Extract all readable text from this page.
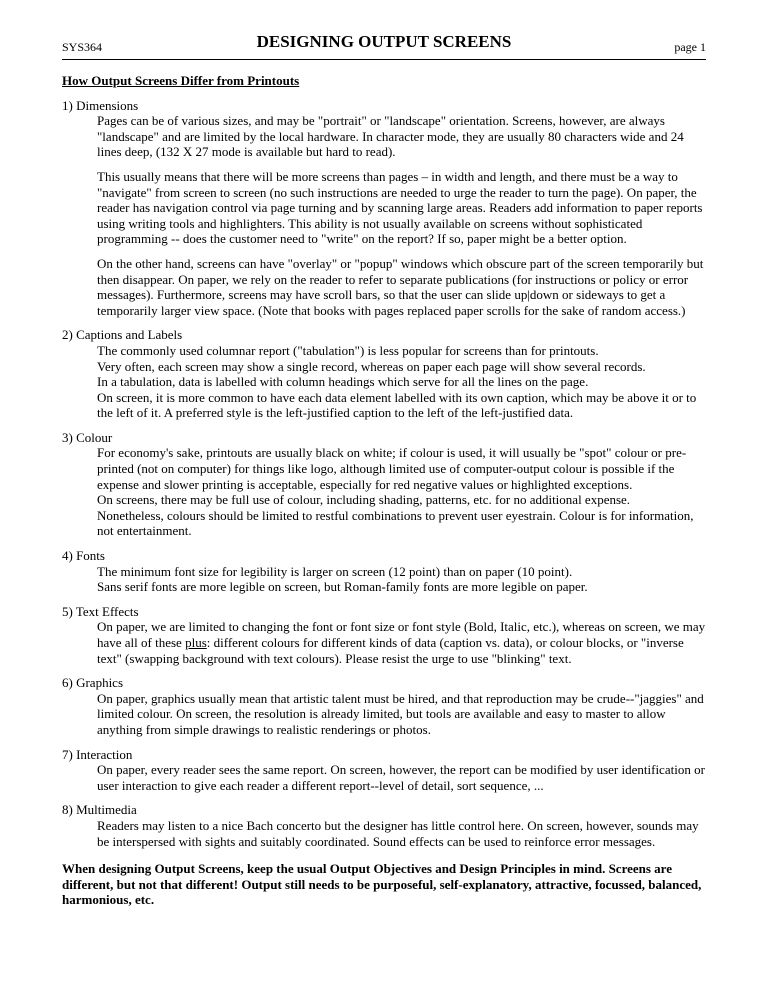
SYS364	DESIGNING OUTPUT SCREENS	page 1

How Output Screens Differ from Printouts

1) Dimensions

Pages can be of various sizes, and may be "portrait" or "landscape" orientation. Screens, however, are always "landscape" and are limited by the local hardware. In character mode, they are usually 80 characters wide and 24 lines deep, (132 X 27 mode is available but hard to read).

This usually means that there will be more screens than pages – in width and length, and there must be a way to "navigate" from screen to screen (no such instructions are needed to urge the reader to turn the page). On paper, the reader has navigation control via page turning and by scanning large areas. Readers add information to paper reports using writing tools and highlighters. This ability is not usually available on screens without sophisticated programming -- does the customer need to "write" on the report? If so, paper might be a better option.

On the other hand, screens can have "overlay" or "popup" windows which obscure part of the screen temporarily but then disappear. On paper, we rely on the reader to refer to separate publications (for instructions or policy or error messages). Furthermore, screens may have scroll bars, so that the user can slide up|down or sideways to get a temporarily larger view space. (Note that books with pages replaced paper scrolls for the sake of random access.)

2) Captions and Labels

The commonly used columnar report ("tabulation") is less popular for screens than for printouts.
Very often, each screen may show a single record, whereas on paper each page will show several records.
In a tabulation, data is labelled with column headings which serve for all the lines on the page.
On screen, it is more common to have each data element labelled with its own caption, which may be above it or to the left of it. A preferred style is the left-justified caption to the left of the left-justified data.

3) Colour

For economy's sake, printouts are usually black on white; if colour is used, it will usually be "spot" colour or pre-printed (not on computer) for things like logo, although limited use of computer-output colour is possible if the expense and slower printing is acceptable, especially for red negative values or highlighted exceptions.
On screens, there may be full use of colour, including shading, patterns, etc. for no additional expense.
Nonetheless, colours should be limited to restful combinations to prevent user eyestrain. Colour is for information, not entertainment.

4) Fonts

The minimum font size for legibility is larger on screen (12 point) than on paper (10 point).
Sans serif fonts are more legible on screen, but Roman-family fonts are more legible on paper.

5) Text Effects

On paper, we are limited to changing the font or font size or font style (Bold, Italic, etc.), whereas on screen, we may have all of these plus: different colours for different kinds of data (caption vs. data), or colour blocks, or "inverse text" (swapping background with text colours). Please resist the urge to use "blinking" text.

6) Graphics

On paper, graphics usually mean that artistic talent must be hired, and that reproduction may be crude--"jaggies" and limited colour. On screen, the resolution is already limited, but tools are available and easy to master to allow anything from simple drawings to realistic renderings or photos.

7) Interaction

On paper, every reader sees the same report. On screen, however, the report can be modified by user identification or user interaction to give each reader a different report--level of detail, sort sequence, ...

8) Multimedia

Readers may listen to a nice Bach concerto but the designer has little control here. On screen, however, sounds may be interspersed with sights and suitably coordinated. Sound effects can be used to reinforce error messages.

When designing Output Screens, keep the usual Output Objectives and Design Principles in mind. Screens are different, but not that different! Output still needs to be purposeful, self-explanatory, attractive, focussed, balanced, harmonious, etc.
